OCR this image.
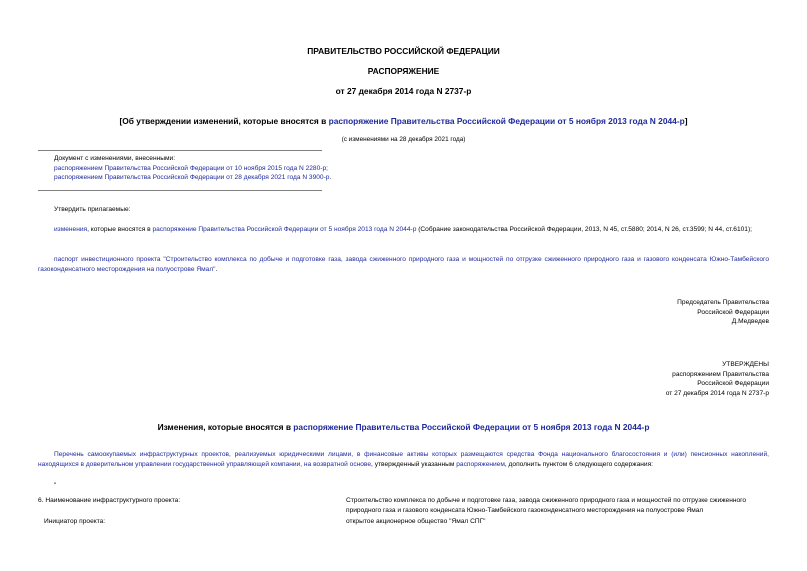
ПРАВИТЕЛЬСТВО РОССИЙСКОЙ ФЕДЕРАЦИИ
РАСПОРЯЖЕНИЕ
от 27 декабря 2014 года N 2737-р
[Об утверждении изменений, которые вносятся в распоряжение Правительства Российской Федерации от 5 ноября 2013 года N 2044-р]
(с изменениями на 28 декабря 2021 года)
Документ с изменениями, внесенными:
распоряжением Правительства Российской Федерации от 10 ноября 2015 года N 2280-р;
распоряжением Правительства Российской Федерации от 28 декабря 2021 года N 3900-р.
Утвердить прилагаемые:
изменения, которые вносятся в распоряжение Правительства Российской Федерации от 5 ноября 2013 года N 2044-р (Собрание законодательства Российской Федерации, 2013, N 45, ст.5880; 2014, N 26, ст.3599; N 44, ст.6101);
паспорт инвестиционного проекта "Строительство комплекса по добыче и подготовке газа, завода сжиженного природного газа и мощностей по отгрузке сжиженного природного газа и газового конденсата Южно-Тамбейского газоконденсатного месторождения на полуострове Ямал".
Председатель Правительства
Российской Федерации
Д.Медведев
УТВЕРЖДЕНЫ
распоряжением Правительства
Российской Федерации
от 27 декабря 2014 года N 2737-р
Изменения, которые вносятся в распоряжение Правительства Российской Федерации от 5 ноября 2013 года N 2044-р
Перечень самоокупаемых инфраструктурных проектов, реализуемых юридическими лицами, в финансовые активы которых размещаются средства Фонда национального благосостояния и (или) пенсионных накоплений, находящихся в доверительном управлении государственной управляющей компании, на возвратной основе, утвержденный указанным распоряжением, дополнить пунктом 6 следующего содержания:
"
6. Наименование инфраструктурного проекта:	Строительство комплекса по добыче и подготовке газа, завода сжиженного природного газа и мощностей по отгрузке сжиженного природного газа и газового конденсата Южно-Тамбейского газоконденсатного месторождения на полуострове Ямал
Инициатор проекта:	открытое акционерное общество "Ямал СПГ"
